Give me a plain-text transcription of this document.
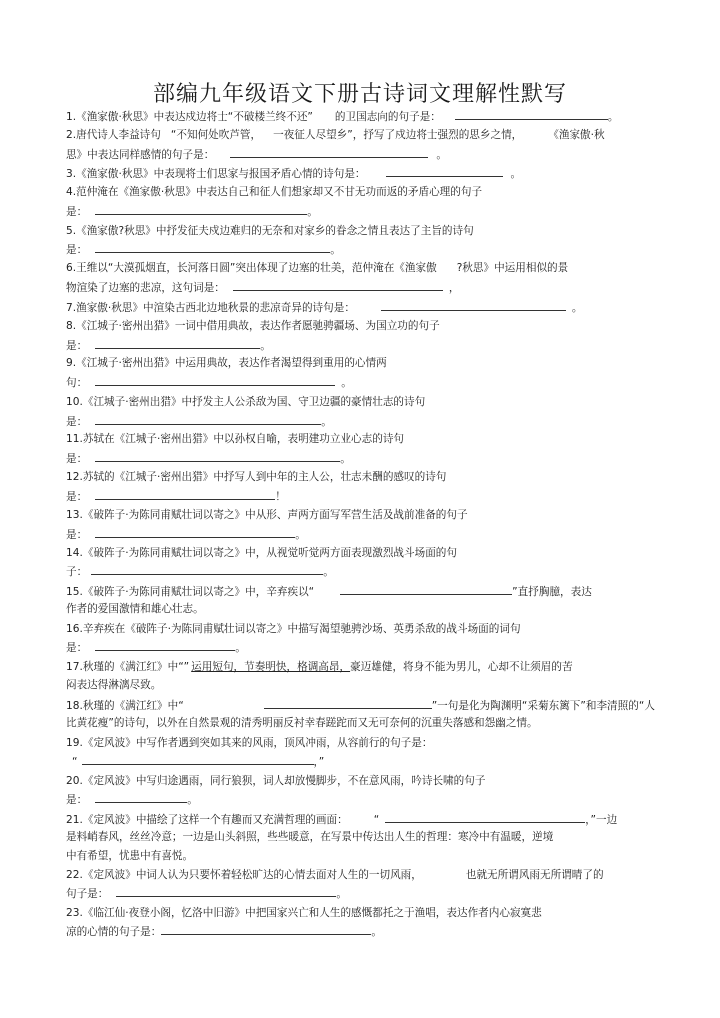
部编九年级语文下册古诗词文理解性默写
1.《渔家傲·秋思》中表达戍边将士“不破楼兰终不还” 的卫国志向的句子是：	。
2.唐代诗人李益诗句 “不知何处吹芦管， 一夜征人尽望乡”，抒写了戍边将士强烈的思乡之情， 《渔家傲·秋
思》中表达同样感情的句子是：	。
3.《渔家傲·秋思》中表现将士们思家与报国矛盾心情的诗句是：	。
4.范仲淹在《渔家傲·秋思》中表达自己和征人们想家却又不甘无功而返的矛盾心理的句子
是：	。
5.《渔家傲?秋思》中抒发征夫戍边难归的无奈和对家乡的眷念之情且表达了主旨的诗句
是：	。
6.王维以“大漠孤烟直，长河落日圆”突出体现了边塞的壮美，范仲淹在《渔家傲 ?秋思》中运用相似的景
物渲染了边塞的悲凉，这句词是：	，
7.渔家傲·秋思》中渲染古西北边地秋景的悲凉奇异的诗句是：	。
8.《江城子·密州出猎》一词中借用典故，表达作者愿驰骋疆场、为国立功的句子
是：	。
9.《江城子·密州出猎》中运用典故，表达作者渴望得到重用的心情两
句：	。
10.《江城子·密州出猎》中抒发主人公杀敌为国、守卫边疆的豪情壮志的诗句
是：	。
11.苏轼在《江城子·密州出猎》中以孙权自喻，表明建功立业心志的诗句
是：	。
12.苏轼的《江城子·密州出猎》中抒写人到中年的主人公，壮志未酬的感叹的诗句
是：	！
13.《破阵子·为陈同甫赋壮词以寄之》中从形、声两方面写军营生活及战前准备的句子
是：	。
14.《破阵子·为陈同甫赋壮词以寄之》中，从视觉听觉两方面表现激烈战斗场面的句
子：	。
15.《破阵子·为陈同甫赋壮词以寄之》中，辛弃疾以“	”直抒胸臆，表达
作者的爱国激情和雄心壮志。
16.辛弃疾在《破阵子·为陈同甫赋壮词以寄之》中描写渴望驰骋沙场、英勇杀敌的战斗场面的词句
是：	。
17.秋瑾的《满江红》中“” 运用短句，节奏明快，格调高昂，豪迈雄健，将身不能为男儿，心却不让须眉的苦
闷表达得淋漓尽致。
18.秋瑾的《满江红》中“	”一句是化为陶渊明“采菊东篱下”和李清照的“人
比黄花瘦”的诗句，以外在自然景观的清秀明丽反衬幸春蹉跎而又无可奈何的沉重失落感和怨幽之情。
19.《定风波》中写作者遇到突如其来的风雨，顶风冲雨，从容前行的句子是：
“	，”
20.《定风波》中写归途遇雨，同行狼狈，词人却放慢脚步，不在意风雨，吟诗长啸的句子
是：	。
21.《定风波》中描绘了这样一个有趣而又充满哲理的画面： “	，”一边
是料峭春风，丝丝冷意；一边是山头斜照，些些暖意，在写景中传达出人生的哲理：寒冷中有温暖，逆境
中有希望，忧患中有喜悦。
22.《定风波》中词人认为只要怀着轻松旷达的心情去面对人生的一切风雨，	也就无所谓风雨无所谓晴了的
句子是：	。
23.《临江仙·夜登小阁，忆洛中旧游》中把国家兴亡和人生的感慨都托之于渔唱，表达作者内心寂寞悲
凉的心情的句子是：	。
